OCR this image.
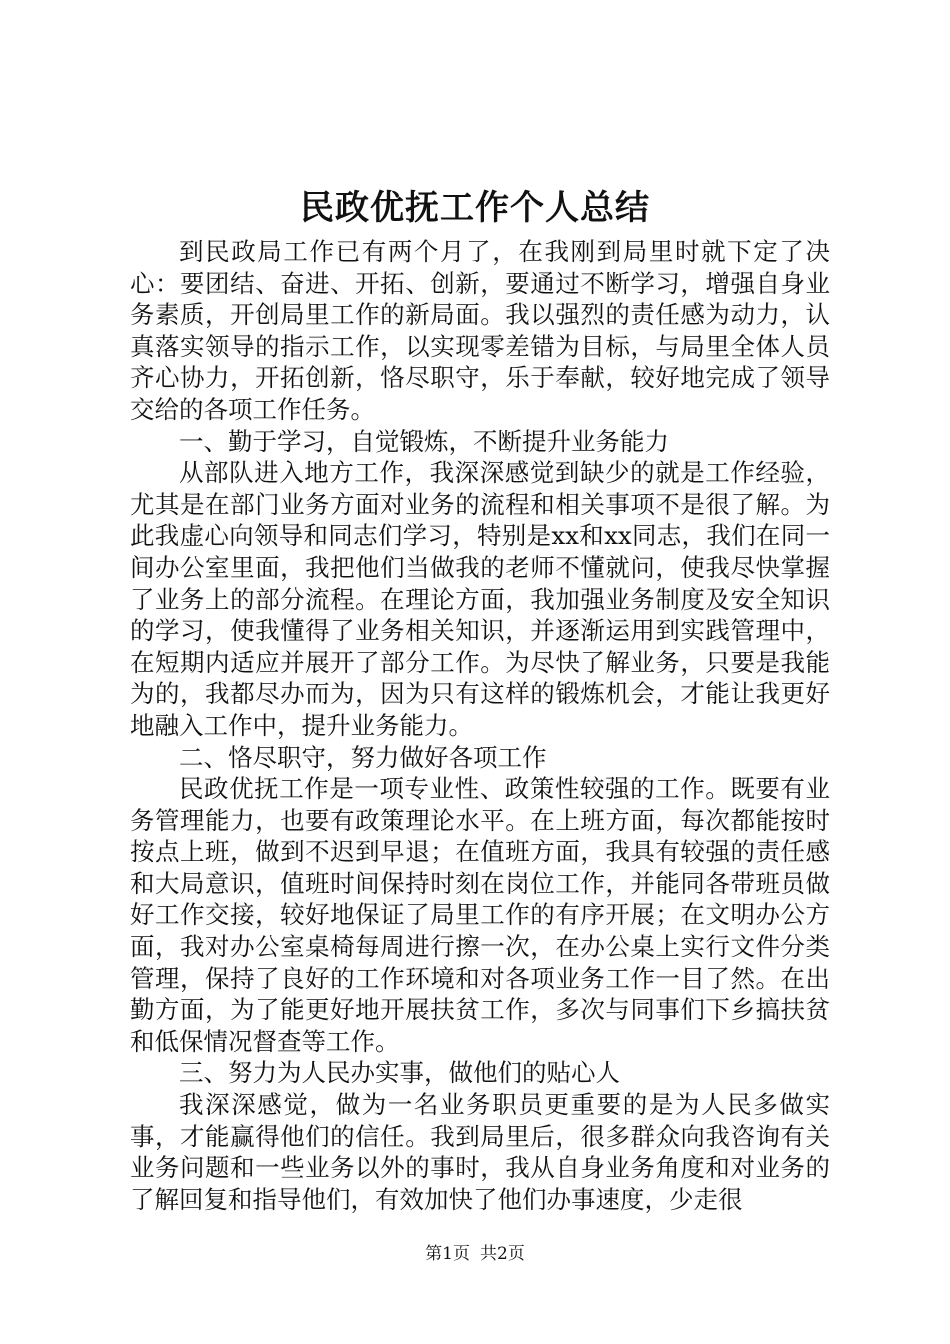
民政优抚工作个人总结

到民政局工作已有两个月了，在我刚到局里时就下定了决心：要团结、奋进、开拓、创新，要通过不断学习，增强自身业务素质，开创局里工作的新局面。我以强烈的责任感为动力，认真落实领导的指示工作，以实现零差错为目标，与局里全体人员齐心协力，开拓创新，恪尽职守，乐于奉献，较好地完成了领导交给的各项工作任务。

一、勤于学习，自觉锻炼，不断提升业务能力

从部队进入地方工作，我深深感觉到缺少的就是工作经验，尤其是在部门业务方面对业务的流程和相关事项不是很了解。为此我虚心向领导和同志们学习，特别是xx和xx同志，我们在同一间办公室里面，我把他们当做我的老师不懂就问，使我尽快掌握了业务上的部分流程。在理论方面，我加强业务制度及安全知识的学习，使我懂得了业务相关知识，并逐渐运用到实践管理中，在短期内适应并展开了部分工作。为尽快了解业务，只要是我能为的，我都尽办而为，因为只有这样的锻炼机会，才能让我更好地融入工作中，提升业务能力。

二、恪尽职守，努力做好各项工作

民政优抚工作是一项专业性、政策性较强的工作。既要有业务管理能力，也要有政策理论水平。在上班方面，每次都能按时按点上班，做到不迟到早退；在值班方面，我具有较强的责任感和大局意识，值班时间保持时刻在岗位工作，并能同各带班员做好工作交接，较好地保证了局里工作的有序开展；在文明办公方面，我对办公室桌椅每周进行擦一次，在办公桌上实行文件分类管理，保持了良好的工作环境和对各项业务工作一目了然。在出勤方面，为了能更好地开展扶贫工作，多次与同事们下乡搞扶贫和低保情况督查等工作。

三、努力为人民办实事，做他们的贴心人

我深深感觉，做为一名业务职员更重要的是为人民多做实事，才能赢得他们的信任。我到局里后，很多群众向我咨询有关业务问题和一些业务以外的事时，我从自身业务角度和对业务的了解回复和指导他们，有效加快了他们办事速度，少走很

第1页 共2页
